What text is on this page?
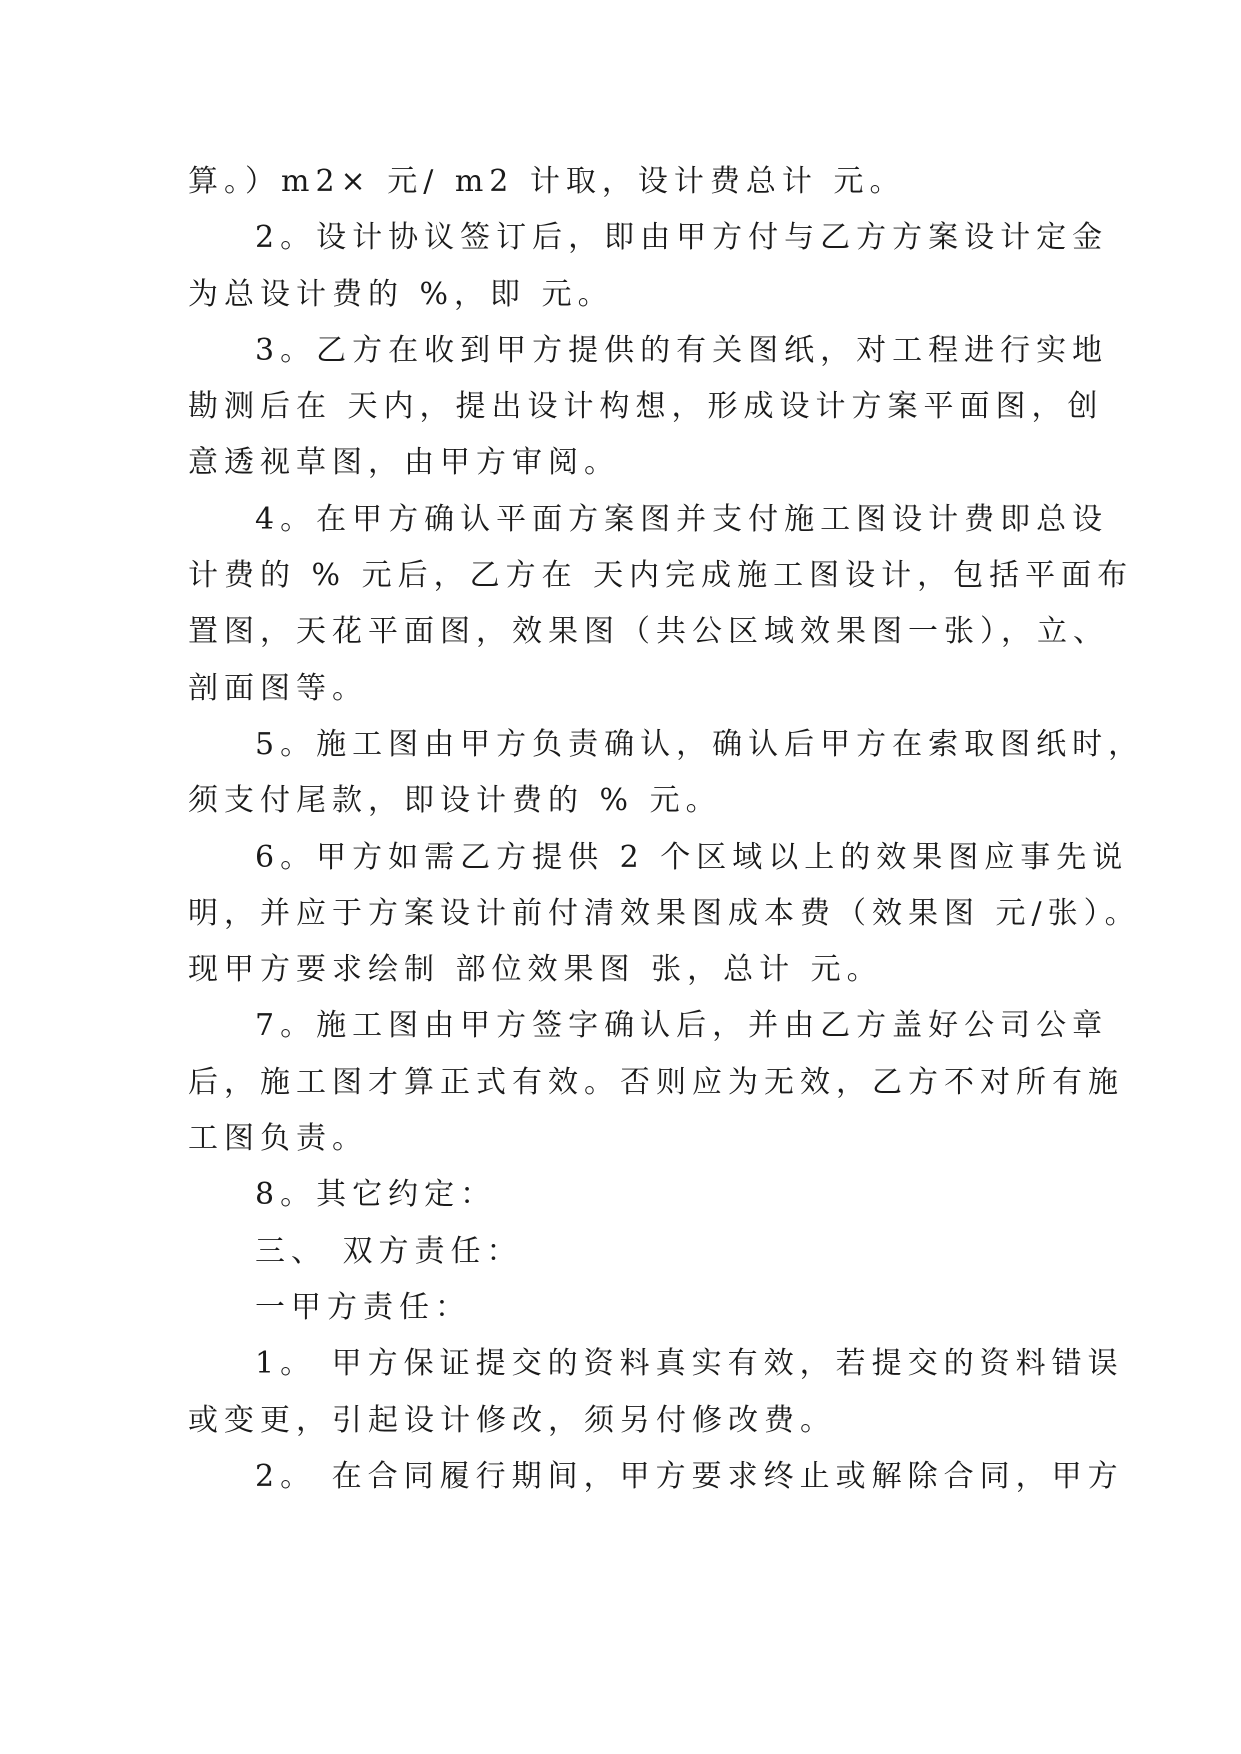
算。）m2× 元/ m2 计取，设计费总计 元。
2。设计协议签订后，即由甲方付与乙方方案设计定金
为总设计费的 %，即 元。
3。乙方在收到甲方提供的有关图纸，对工程进行实地
勘测后在 天内，提出设计构想，形成设计方案平面图，创
意透视草图，由甲方审阅。
4。在甲方确认平面方案图并支付施工图设计费即总设
计费的 % 元后，乙方在 天内完成施工图设计，包括平面布
置图，天花平面图，效果图（共公区域效果图一张），立、
剖面图等。
5。施工图由甲方负责确认，确认后甲方在索取图纸时，
须支付尾款，即设计费的 % 元。
6。甲方如需乙方提供 2 个区域以上的效果图应事先说
明，并应于方案设计前付清效果图成本费（效果图 元/张）。
现甲方要求绘制 部位效果图 张，总计 元。
7。施工图由甲方签字确认后，并由乙方盖好公司公章
后，施工图才算正式有效。否则应为无效，乙方不对所有施
工图负责。
8。其它约定：
三、 双方责任：
一甲方责任：
1。 甲方保证提交的资料真实有效，若提交的资料错误
或变更，引起设计修改，须另付修改费。
2。 在合同履行期间，甲方要求终止或解除合同，甲方
